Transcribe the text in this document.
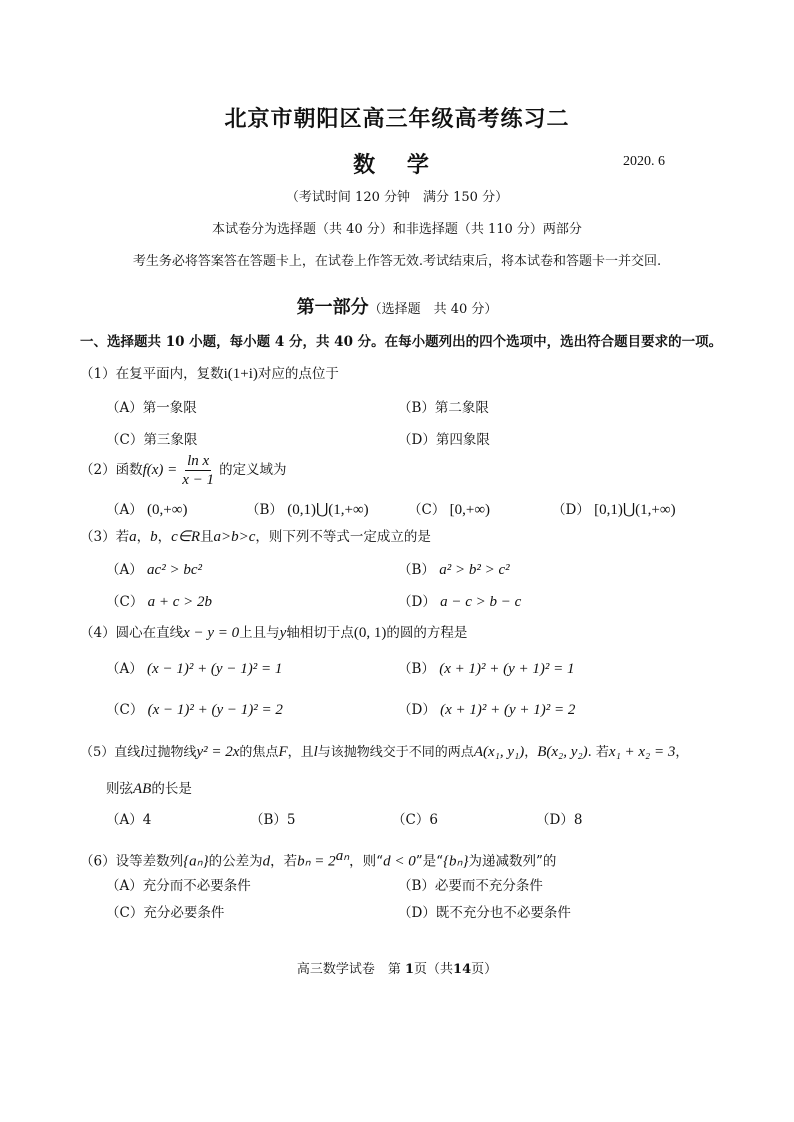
北京市朝阳区高三年级高考练习二
数 学	2020. 6
（考试时间 120 分钟　满分 150 分）
本试卷分为选择题（共 40 分）和非选择题（共 110 分）两部分
考生务必将答案答在答题卡上，在试卷上作答无效.考试结束后，将本试卷和答题卡一并交回.
第一部分（选择题　共 40 分）
一、选择题共 10 小题，每小题 4 分，共 40 分。在每小题列出的四个选项中，选出符合题目要求的一项。
（1）在复平面内，复数i(1+i)对应的点位于
（A）第一象限	（B）第二象限
（C）第三象限	（D）第四象限
（2）函数$f(x) = \frac{\text{ln x}}{x - 1}$ 的定义域为
（A） (0,+∞)	（B） (0,1)⋃(1,+∞)	（C） [0,+∞)	（D） [0,1)⋃(1,+∞)
（3）若a，b，c∈R且a>b>c，则下列不等式一定成立的是
（A） ac² > bc²	（B） a² > b² > c²
（C） a + c > 2b	（D） a − c > b − c
（4）圆心在直线x − y = 0上且与y轴相切于点(0, 1)的圆的方程是
（A） (x − 1)² + (y − 1)² = 1	（B） (x + 1)² + (y + 1)² = 1
（C） (x − 1)² + (y − 1)² = 2	（D） (x + 1)² + (y + 1)² = 2
（5）直线l过抛物线y² = 2x的焦点F，且l与该抛物线交于不同的两点A(x₁, y₁)，B(x₂, y₂). 若x₁ + x₂ = 3，
则弦AB的长是
（A）4	（B）5	（C）6	（D）8
（6）设等差数列{aₙ}的公差为d，若$b_n = 2^{a_n}$，则“d < 0”是“{bₙ}为递减数列”的
（A）充分而不必要条件	（B）必要而不充分条件
（C）充分必要条件	（D）既不充分也不必要条件
高三数学试卷　第 1页（共14页）
